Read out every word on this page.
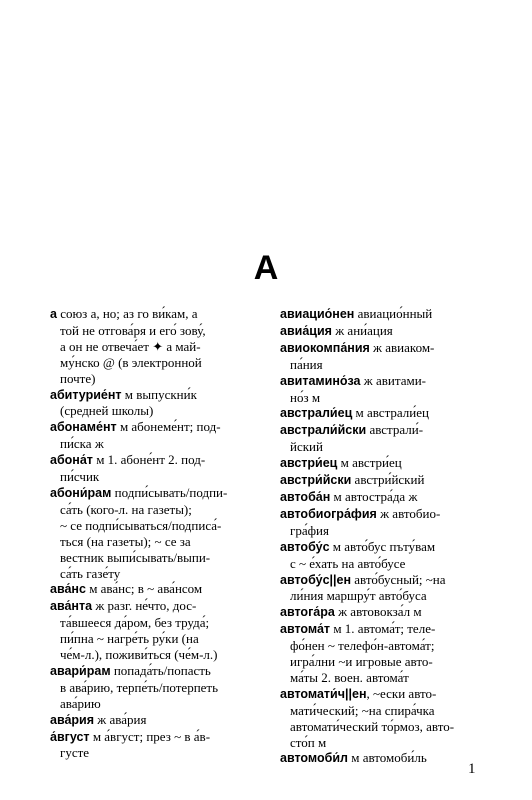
А
а союз а, но; аз го ви́кам, а
той не отгова́ря и его́ зову́,
а он не отвеча́ет ✦ а май-
му́нско @ (в электронной
почте)
абитурие́нт м выпускни́к
(средней школы)
абонаме́нт м абонеме́нт; под-
пи́ска ж
абона́т м 1. абоне́нт 2. под-
пи́счик
абони́рам подпи́сывать/подпи-
са́ть (кого-л. на газеты);
~ се подпи́сываться/подписа́-
ться (на газеты); ~ се за
вестник выпи́сывать/выпи-
са́ть газе́ту
ава́нс м ава́нс; в ~ ава́нсом
ава́нта ж разг. не́что, дос-
та́вшееся да́ром, без труда́;
пи́пна ~ нагре́ть ру́ки (на
че́м-л.), поживи́ться (че́м-л.)
авари́рам попада́ть/попасть
в ава́рию, терпе́ть/потерпеть
ава́рию
ава́рия ж ава́рия
а́вгуст м а́вгуст; през ~ в а́в-
густе
авиацио́нен авиацио́нный
авиа́ция ж ани́ация
авиокомпа́ния ж авиаком-
па́ния
авитамино́за ж авитами-
но́з м
австрали́ец м австрали́ец
австрали́йски австрали́-
йский
австри́ец м австри́ец
австри́йски австри́йский
автоба́н м автостра́да ж
автобиогра́фия ж автобио-
гра́фия
автобу́с м авто́бус пъту́вам
с ~ е́хать на авто́бусе
автобу́с||ен авто́бусный; ~на
ли́ния маршру́т авто́буса
автога́ра ж автовокза́л м
автома́т м 1. автома́т; теле-
фо́нен ~ телефо́н-автома́т;
игра́лни ~и игровые авто-
ма́ты 2. воен. автома́т
автомати́ч||ен, ~ески авто-
мати́ческий; ~на спира́чка
автомати́ческий то́рмоз, авто-
сто́п м
автомоби́л м автомоби́ль
1
